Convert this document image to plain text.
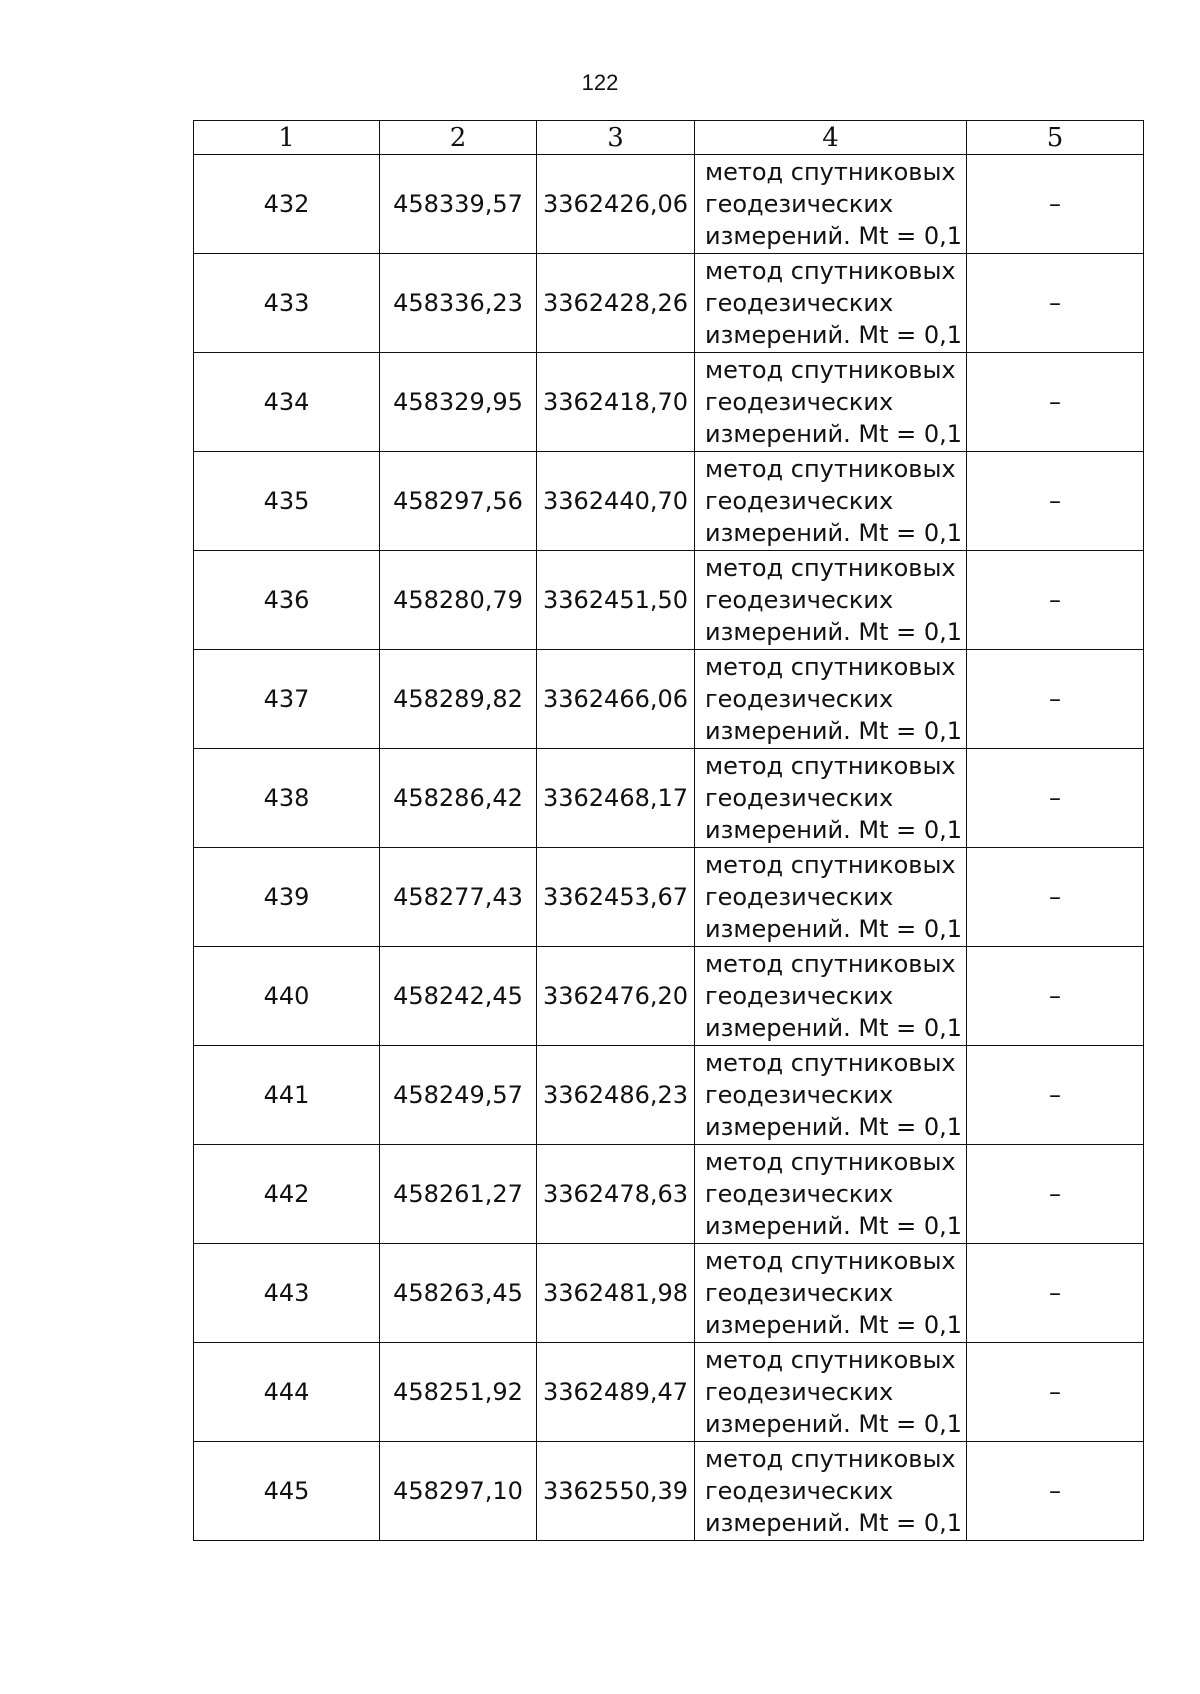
122
1	2	3	4	5
432	458339,57	3362426,06	метод спутниковых
геодезических
измерений. Mt = 0,1	–
433	458336,23	3362428,26	метод спутниковых
геодезических
измерений. Mt = 0,1	–
434	458329,95	3362418,70	метод спутниковых
геодезических
измерений. Mt = 0,1	–
435	458297,56	3362440,70	метод спутниковых
геодезических
измерений. Mt = 0,1	–
436	458280,79	3362451,50	метод спутниковых
геодезических
измерений. Mt = 0,1	–
437	458289,82	3362466,06	метод спутниковых
геодезических
измерений. Mt = 0,1	–
438	458286,42	3362468,17	метод спутниковых
геодезических
измерений. Mt = 0,1	–
439	458277,43	3362453,67	метод спутниковых
геодезических
измерений. Mt = 0,1	–
440	458242,45	3362476,20	метод спутниковых
геодезических
измерений. Mt = 0,1	–
441	458249,57	3362486,23	метод спутниковых
геодезических
измерений. Mt = 0,1	–
442	458261,27	3362478,63	метод спутниковых
геодезических
измерений. Mt = 0,1	–
443	458263,45	3362481,98	метод спутниковых
геодезических
измерений. Mt = 0,1	–
444	458251,92	3362489,47	метод спутниковых
геодезических
измерений. Mt = 0,1	–
445	458297,10	3362550,39	метод спутниковых
геодезических
измерений. Mt = 0,1	–
